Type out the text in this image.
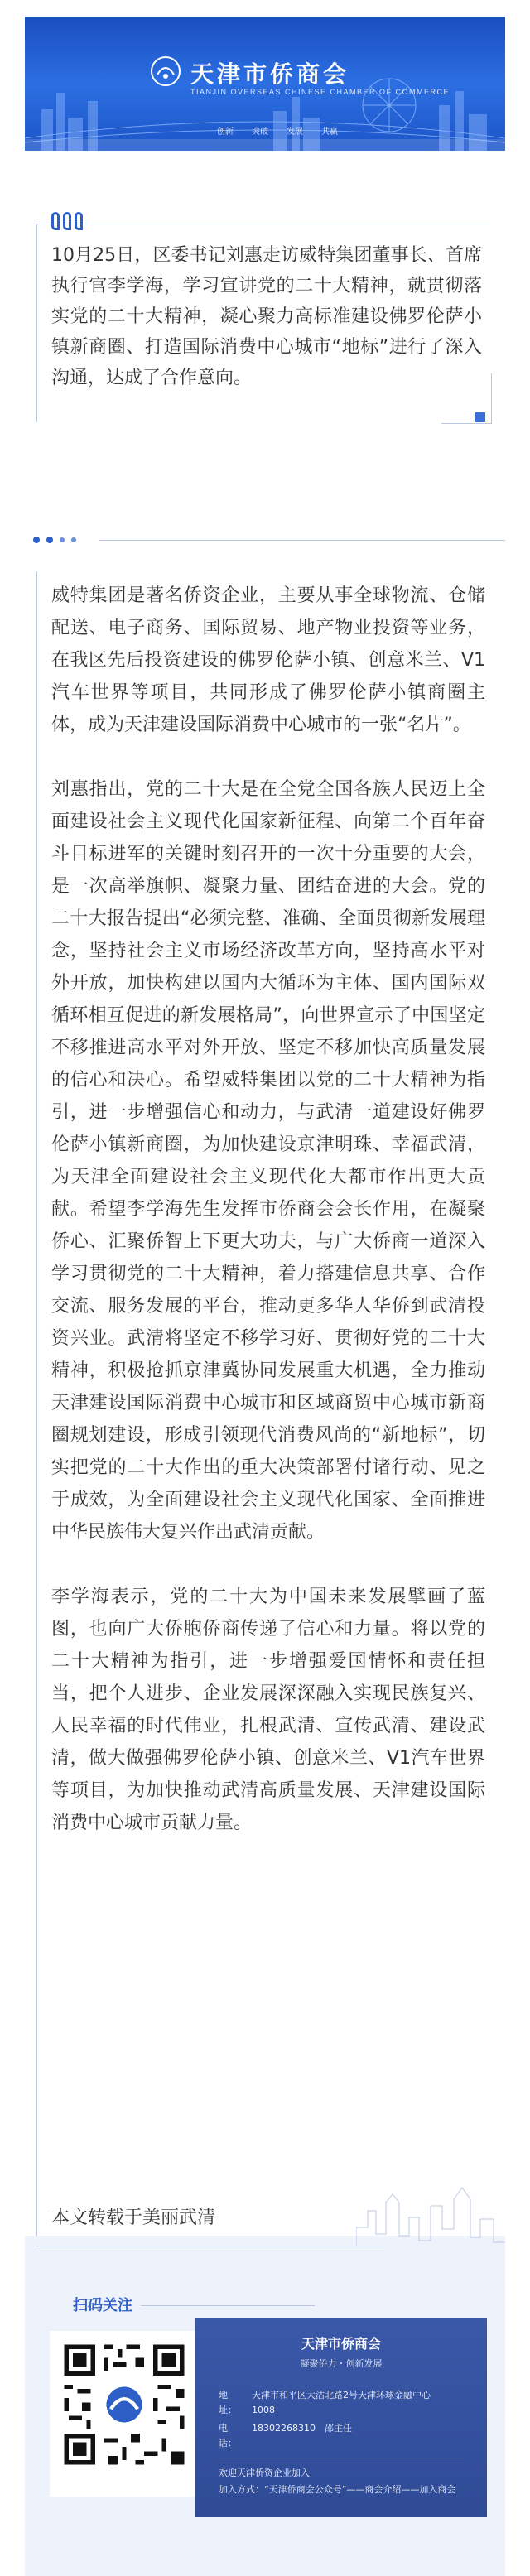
天津市侨商会
TIANJIN OVERSEAS CHINESE CHAMBER OF COMMERCE
创新 突破 发展 共赢
10月25日，区委书记刘惠走访威特集团董事长、首席执行官李学海，学习宣讲党的二十大精神，就贯彻落实党的二十大精神，凝心聚力高标准建设佛罗伦萨小镇新商圈、打造国际消费中心城市“地标”进行了深入沟通，达成了合作意向。

威特集团是著名侨资企业，主要从事全球物流、仓储配送、电子商务、国际贸易、地产物业投资等业务，在我区先后投资建设的佛罗伦萨小镇、创意米兰、V1汽车世界等项目，共同形成了佛罗伦萨小镇商圈主体，成为天津建设国际消费中心城市的一张“名片”。

刘惠指出，党的二十大是在全党全国各族人民迈上全面建设社会主义现代化国家新征程、向第二个百年奋斗目标进军的关键时刻召开的一次十分重要的大会，是一次高举旗帜、凝聚力量、团结奋进的大会。党的二十大报告提出“必须完整、准确、全面贯彻新发展理念，坚持社会主义市场经济改革方向，坚持高水平对外开放，加快构建以国内大循环为主体、国内国际双循环相互促进的新发展格局”，向世界宣示了中国坚定不移推进高水平对外开放、坚定不移加快高质量发展的信心和决心。希望威特集团以党的二十大精神为指引，进一步增强信心和动力，与武清一道建设好佛罗伦萨小镇新商圈，为加快建设京津明珠、幸福武清，为天津全面建设社会主义现代化大都市作出更大贡献。希望李学海先生发挥市侨商会会长作用，在凝聚侨心、汇聚侨智上下更大功夫，与广大侨商一道深入学习贯彻党的二十大精神，着力搭建信息共享、合作交流、服务发展的平台，推动更多华人华侨到武清投资兴业。武清将坚定不移学习好、贯彻好党的二十大精神，积极抢抓京津冀协同发展重大机遇，全力推动天津建设国际消费中心城市和区域商贸中心城市新商圈规划建设，形成引领现代消费风尚的“新地标”，切实把党的二十大作出的重大决策部署付诸行动、见之于成效，为全面建设社会主义现代化国家、全面推进中华民族伟大复兴作出武清贡献。

李学海表示，党的二十大为中国未来发展擘画了蓝图，也向广大侨胞侨商传递了信心和力量。将以党的二十大精神为指引，进一步增强爱国情怀和责任担当，把个人进步、企业发展深深融入实现民族复兴、人民幸福的时代伟业，扎根武清、宣传武清、建设武清，做大做强佛罗伦萨小镇、创意米兰、V1汽车世界等项目，为加快推动武清高质量发展、天津建设国际消费中心城市贡献力量。

本文转载于美丽武清
扫码关注
天津市侨商会
凝聚侨力・创新发展
地　址：天津市和平区大沽北路2号天津环球金融中心1008
电　话：18302268310　邵主任
欢迎天津侨资企业加入
加入方式：“天津侨商会公众号”——商会介绍——加入商会
